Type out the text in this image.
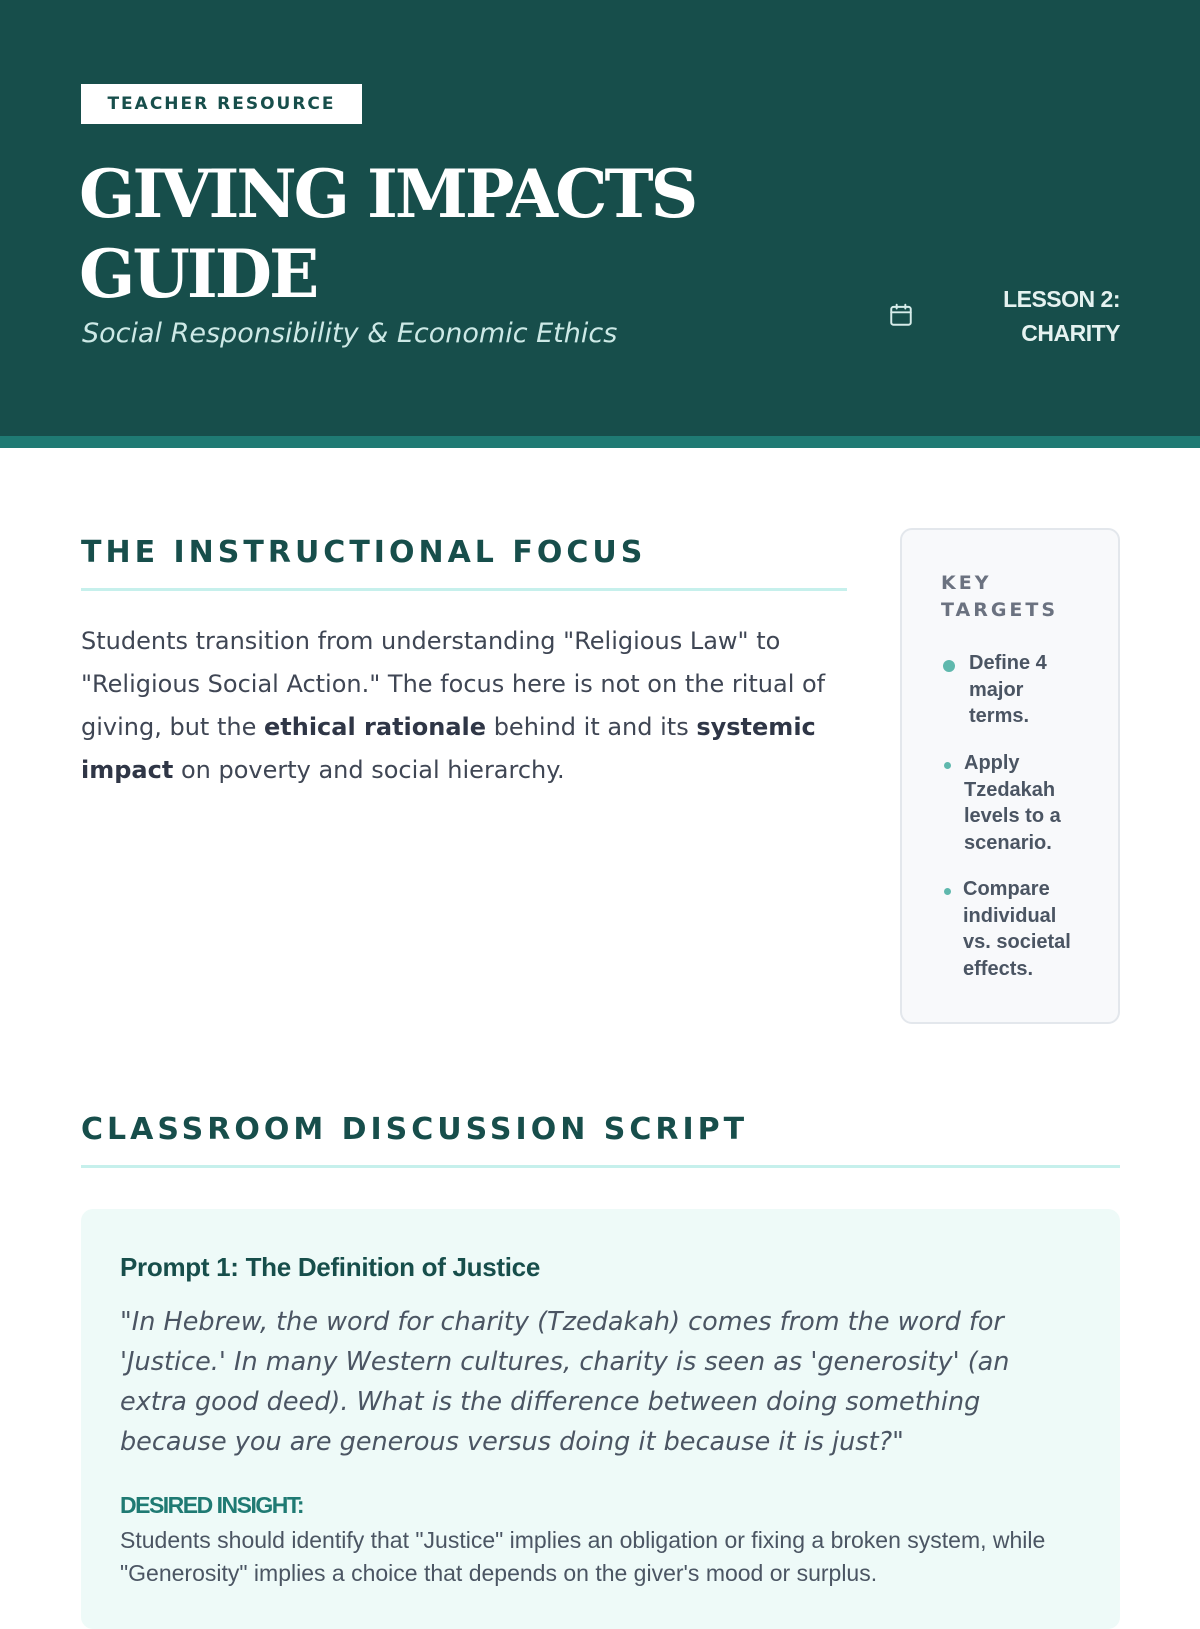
TEACHER RESOURCE
GIVING IMPACTS GUIDE
Social Responsibility & Economic Ethics
LESSON 2: CHARITY
THE INSTRUCTIONAL FOCUS

Students transition from understanding "Religious Law" to "Religious Social Action." The focus here is not on the ritual of giving, but the ethical rationale behind it and its systemic impact on poverty and social hierarchy.

KEY TARGETS
Define 4 major terms.
Apply Tzedakah levels to a scenario.
Compare individual vs. societal effects.
CLASSROOM DISCUSSION SCRIPT
Prompt 1: The Definition of Justice
"In Hebrew, the word for charity (Tzedakah) comes from the word for 'Justice.' In many Western cultures, charity is seen as 'generosity' (an extra good deed). What is the difference between doing something because you are generous versus doing it because it is just?"
DESIRED INSIGHT:
Students should identify that "Justice" implies an obligation or fixing a broken system, while "Generosity" implies a choice that depends on the giver's mood or surplus.
